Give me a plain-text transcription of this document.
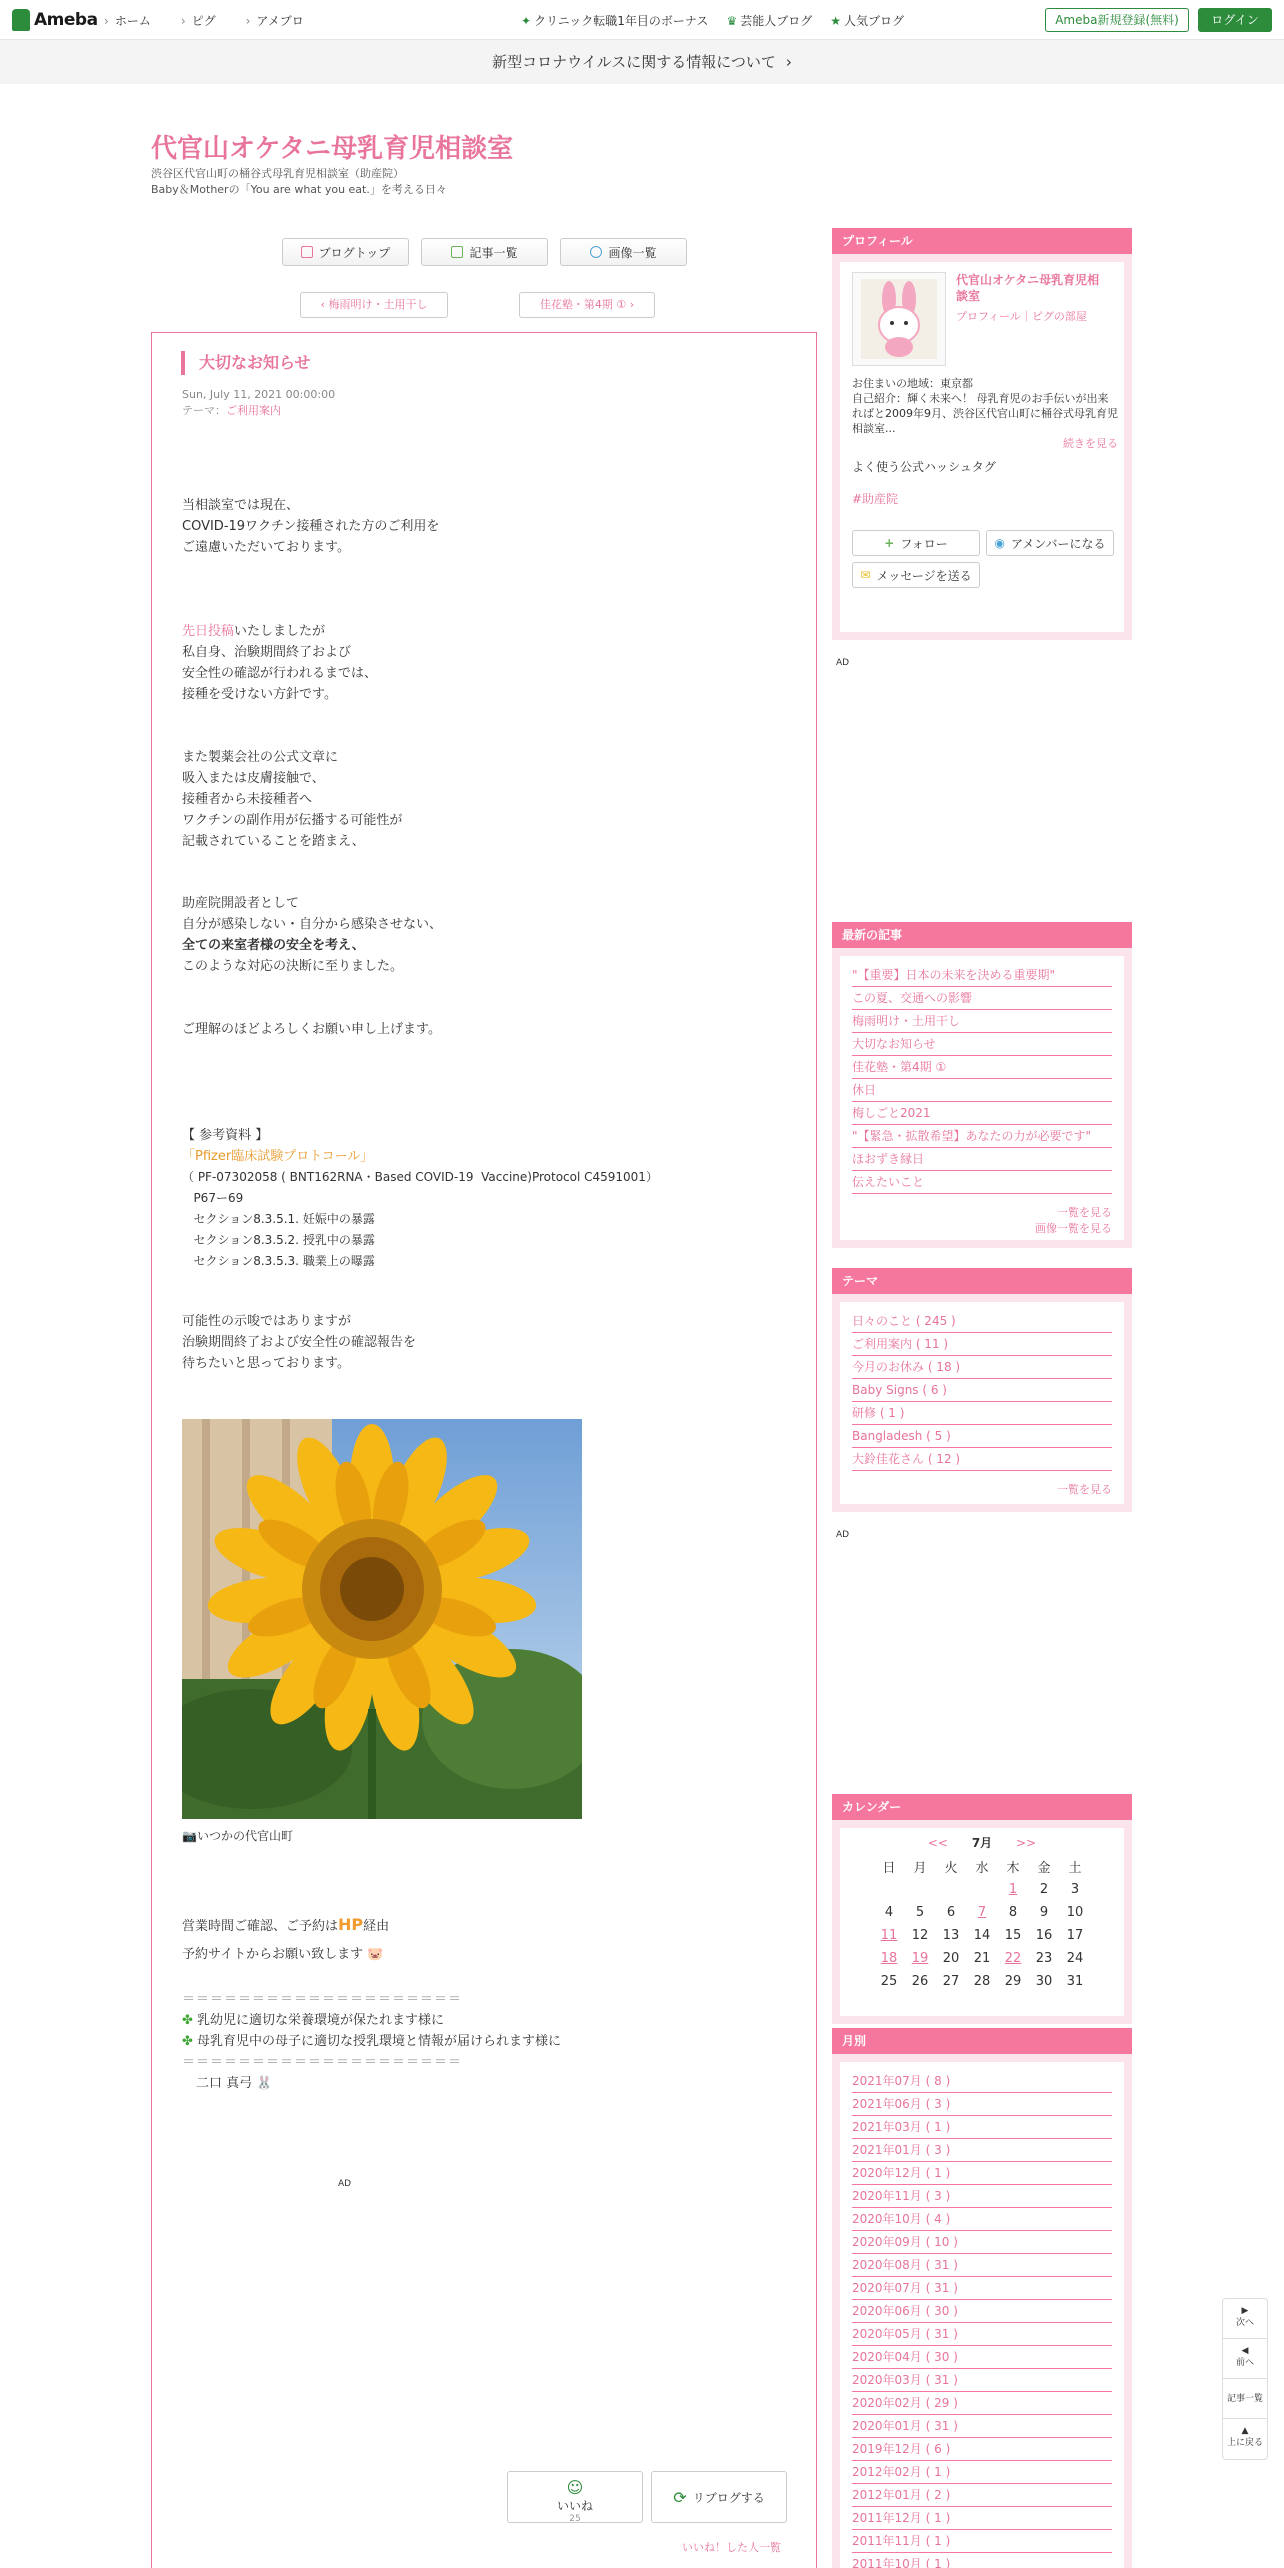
Ameba	› ホーム	› ピグ	› アメブロ	✦ クリニック転職1年目のボーナス ♛ 芸能人ブログ ★ 人気ブログ	Ameba新規登録(無料)	ログイン
新型コロナウイルスに関する情報について ›
代官山オケタニ母乳育児相談室
渋谷区代官山町の桶谷式母乳育児相談室（助産院）
Baby＆Motherの「You are what you eat.」を考える日々
ブログトップ	記事一覧	画像一覧
‹ 梅雨明け・土用干し	佳花塾・第4期 ① ›
大切なお知らせ
Sun, July 11, 2021 00:00:00
テーマ：ご利用案内
当相談室では現在、
COVID-19ワクチン接種された方のご利用を
ご遠慮いただいております。
先日投稿いたしましたが
私自身、治験期間終了および
安全性の確認が行われるまでは、
接種を受けない方針です。
また製薬会社の公式文章に
吸入または皮膚接触で、
接種者から未接種者へ
ワクチンの副作用が伝播する可能性が
記載されていることを踏まえ、
助産院開設者として
自分が感染しない・自分から感染させない、
全ての来室者様の安全を考え、
このような対応の決断に至りました。
ご理解のほどよろしくお願い申し上げます。
【 参考資料 】
「Pfizer臨床試験プロトコール」
（ PF-07302058 ( BNT162RNA・Based COVID-19  Vaccine)Protocol C4591001）
P67ー69
セクション8.3.5.1. 妊娠中の暴露
セクション8.3.5.2. 授乳中の暴露
セクション8.3.5.3. 職業上の曝露
可能性の示唆ではありますが
治験期間終了および安全性の確認報告を
待ちたいと思っております。
📷いつかの代官山町
営業時間ご確認、ご予約はHP経由
予約サイトからお願い致します 🐷
＝＝＝＝＝＝＝＝＝＝＝＝＝＝＝＝＝＝＝＝
✤ 乳幼児に適切な栄養環境が保たれます様に
✤ 母乳育児中の母子に適切な授乳環境と情報が届けられます様に
＝＝＝＝＝＝＝＝＝＝＝＝＝＝＝＝＝＝＝＝
二口 真弓 🐰
AD
☺
いいね
25
⟳ リブログする
いいね！した人一覧
プロフィール
代官山オケタニ母乳育児相談室
プロフィール｜ピグの部屋
お住まいの地域：東京都
自己紹介：輝く未来へ！ 母乳育児のお手伝いが出来ればと2009年9月、渋谷区代官山町に桶谷式母乳育児相談室...
続きを見る
よく使う公式ハッシュタグ
#助産院
+ フォロー	◉ アメンバーになる
✉ メッセージを送る
AD
最新の記事
"【重要】日本の未来を決める重要期"
この夏、交通への影響
梅雨明け・土用干し
大切なお知らせ
佳花塾・第4期 ①
休日
梅しごと2021
"【緊急・拡散希望】あなたの力が必要です"
ほおずき縁日
伝えたいこと
一覧を見る
画像一覧を見る
テーマ
日々のこと ( 245 )
ご利用案内 ( 11 )
今月のお休み ( 18 )
Baby Signs ( 6 )
研修 ( 1 )
Bangladesh ( 5 )
大鈴佳花さん ( 12 )
一覧を見る
AD
カレンダー
<< 7月 >>
日	月	火	水	木	金	土
				1	2	3
4	5	6	7	8	9	10
11	12	13	14	15	16	17
18	19	20	21	22	23	24
25	26	27	28	29	30	31
月別
2021年07月 ( 8 )
2021年06月 ( 3 )
2021年03月 ( 1 )
2021年01月 ( 3 )
2020年12月 ( 1 )
2020年11月 ( 3 )
2020年10月 ( 4 )
2020年09月 ( 10 )
2020年08月 ( 31 )
2020年07月 ( 31 )
2020年06月 ( 30 )
2020年05月 ( 31 )
2020年04月 ( 30 )
2020年03月 ( 31 )
2020年02月 ( 29 )
2020年01月 ( 31 )
2019年12月 ( 6 )
2012年02月 ( 1 )
2012年01月 ( 2 )
2011年12月 ( 1 )
2011年11月 ( 1 )
2011年10月 ( 1 )
▶
次へ
◀
前へ
記事一覧
▲
上に戻る
